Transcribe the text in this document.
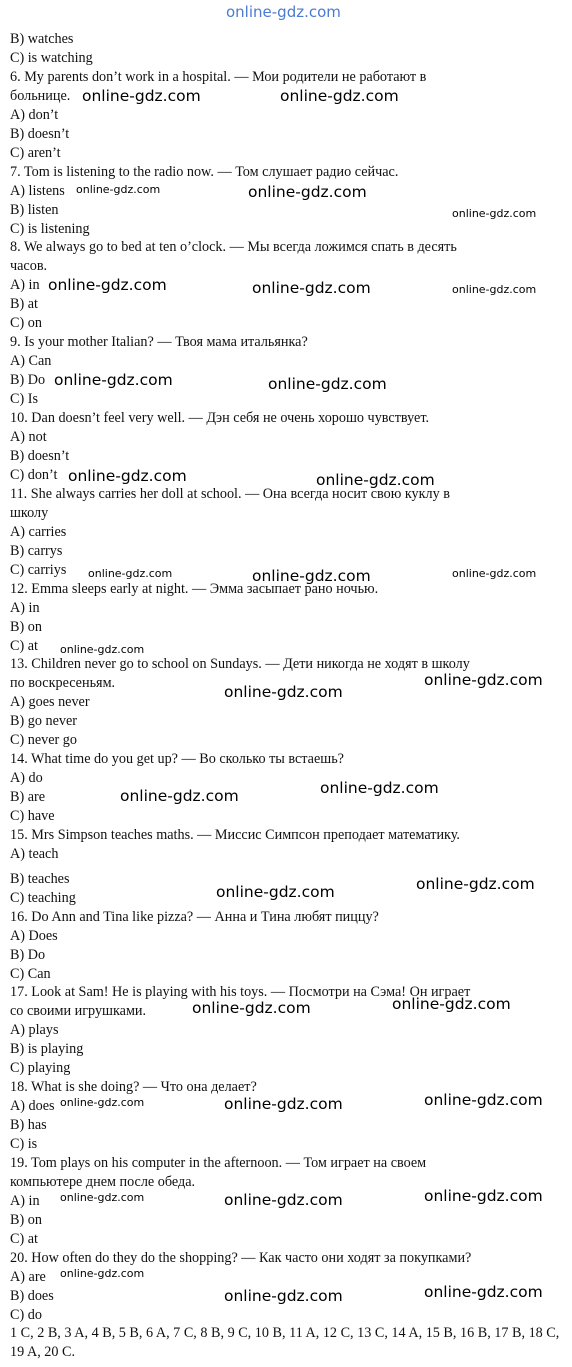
B) watches
C) is watching
6. My parents don’t work in a hospital. — Мои родители не работают в
больнице.
A) don’t
B) doesn’t
C) aren’t
7. Tom is listening to the radio now. — Том слушает радио сейчас.
A) listens
B) listen
C) is listening
8. We always go to bed at ten o’clock. — Мы всегда ложимся спать в десять
часов.
A) in
B) at
C) on
9. Is your mother Italian? — Твоя мама итальянка?
A) Can
B) Do
C) Is
10. Dan doesn’t feel very well. — Дэн себя не очень хорошо чувствует.
A) not
B) doesn’t
C) don’t
11. She always carries her doll at school. — Она всегда носит свою куклу в
школу
A) carries
B) carrys
C) carriys
12. Emma sleeps early at night. — Эмма засыпает рано ночью.
A) in
B) on
C) at
13. Children never go to school on Sundays. — Дети никогда не ходят в школу
по воскресеньям.
A) goes never
B) go never
C) never go
14. What time do you get up? — Во сколько ты встаешь?
A) do
B) are
C) have
15. Mrs Simpson teaches maths. — Миссис Симпсон преподает математику.
A) teach
B) teaches
C) teaching
16. Do Ann and Tina like pizza? — Анна и Тина любят пиццу?
A) Does
B) Do
C) Can
17. Look at Sam! He is playing with his toys. — Посмотри на Сэма! Он играет
со своими игрушками.
A) plays
B) is playing
C) playing
18. What is she doing? — Что она делает?
A) does
B) has
C) is
19. Tom plays on his computer in the afternoon. — Том играет на своем
компьютере днем после обеда.
A) in
B) on
C) at
20. How often do they do the shopping? — Как часто они ходят за покупками?
A) are
B) does
C) do
1 C, 2 B, 3 A, 4 B, 5 B, 6 A, 7 C, 8 B, 9 C, 10 B, 11 A, 12 C, 13 C, 14 A, 15 B, 16 B, 17 B, 18 C, 19 A, 20 C.
online-gdz.com
online-gdz.com	online-gdz.com
online-gdz.com	online-gdz.com
online-gdz.com
online-gdz.com	online-gdz.com	online-gdz.com
online-gdz.com	online-gdz.com
online-gdz.com	online-gdz.com
online-gdz.com	online-gdz.com	online-gdz.com
online-gdz.com
online-gdz.com
online-gdz.com
online-gdz.com
online-gdz.com
online-gdz.com
online-gdz.com
online-gdz.com
online-gdz.com
online-gdz.com	online-gdz.com
online-gdz.com
online-gdz.com	online-gdz.com
online-gdz.com
online-gdz.com
online-gdz.com
online-gdz.com
